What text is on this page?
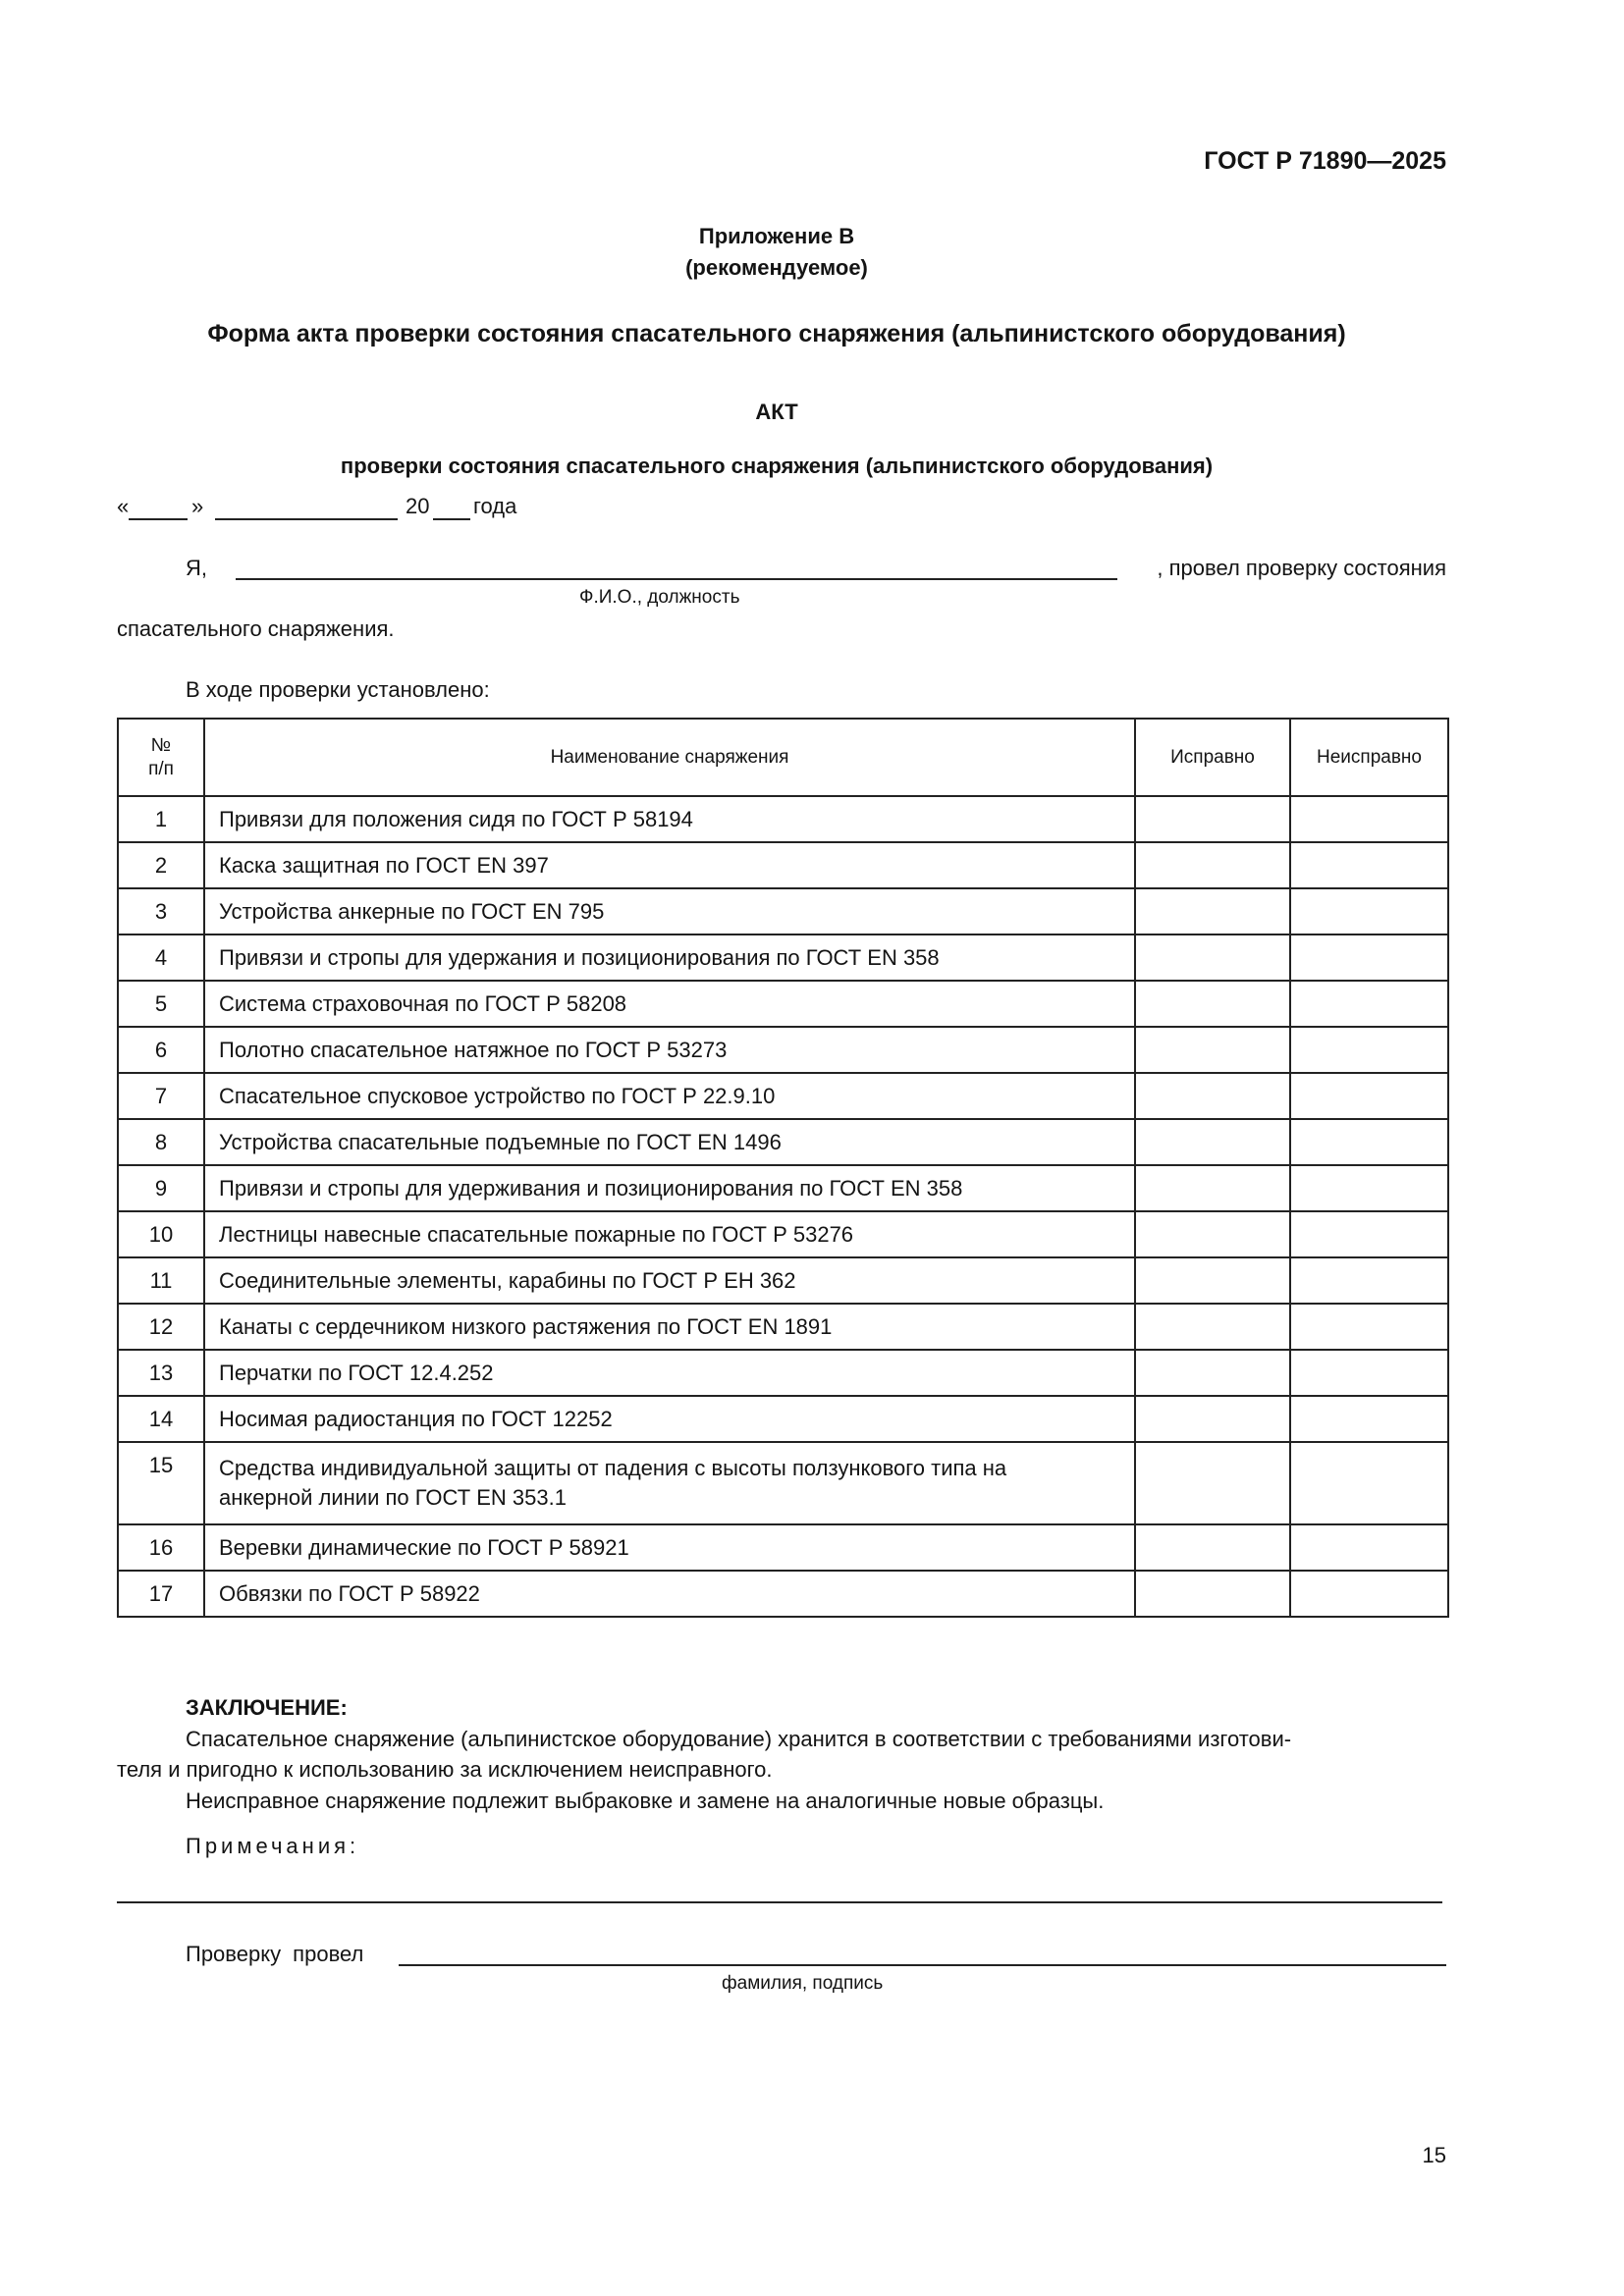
ГОСТ Р 71890—2025
Приложение В
(рекомендуемое)
Форма акта проверки состояния спасательного снаряжения (альпинистского оборудования)
АКТ
проверки состояния спасательного снаряжения (альпинистского оборудования)
«	»	20 года
Я,	, провел проверку состояния
Ф.И.О., должность
спасательного снаряжения.
В ходе проверки установлено:
№
п/п	Наименование снаряжения	Исправно	Неисправно
1	Привязи для положения сидя по ГОСТ Р 58194		
2	Каска защитная по ГОСТ EN 397		
3	Устройства анкерные по ГОСТ EN 795		
4	Привязи и стропы для удержания и позиционирования по ГОСТ EN 358		
5	Система страховочная по ГОСТ Р 58208		
6	Полотно спасательное натяжное по ГОСТ Р 53273		
7	Спасательное спусковое устройство по ГОСТ Р 22.9.10		
8	Устройства спасательные подъемные по ГОСТ EN 1496		
9	Привязи и стропы для удерживания и позиционирования по ГОСТ EN 358		
10	Лестницы навесные спасательные пожарные по ГОСТ Р 53276		
11	Соединительные элементы, карабины по ГОСТ Р ЕН 362		
12	Канаты с сердечником низкого растяжения по ГОСТ EN 1891		
13	Перчатки по ГОСТ 12.4.252		
14	Носимая радиостанция по ГОСТ 12252		
15	Средства индивидуальной защиты от падения с высоты ползункового типа на
анкерной линии по ГОСТ EN 353.1		

16	Веревки динамические по ГОСТ Р 58921		
17	Обвязки по ГОСТ Р 58922		
ЗАКЛЮЧЕНИЕ:
Спасательное снаряжение (альпинистское оборудование) хранится в соответствии с требованиями изготови-
теля и пригодно к использованию за исключением неисправного.
Неисправное снаряжение подлежит выбраковке и замене на аналогичные новые образцы.
Примечания:
Проверку провел
фамилия, подпись
15
